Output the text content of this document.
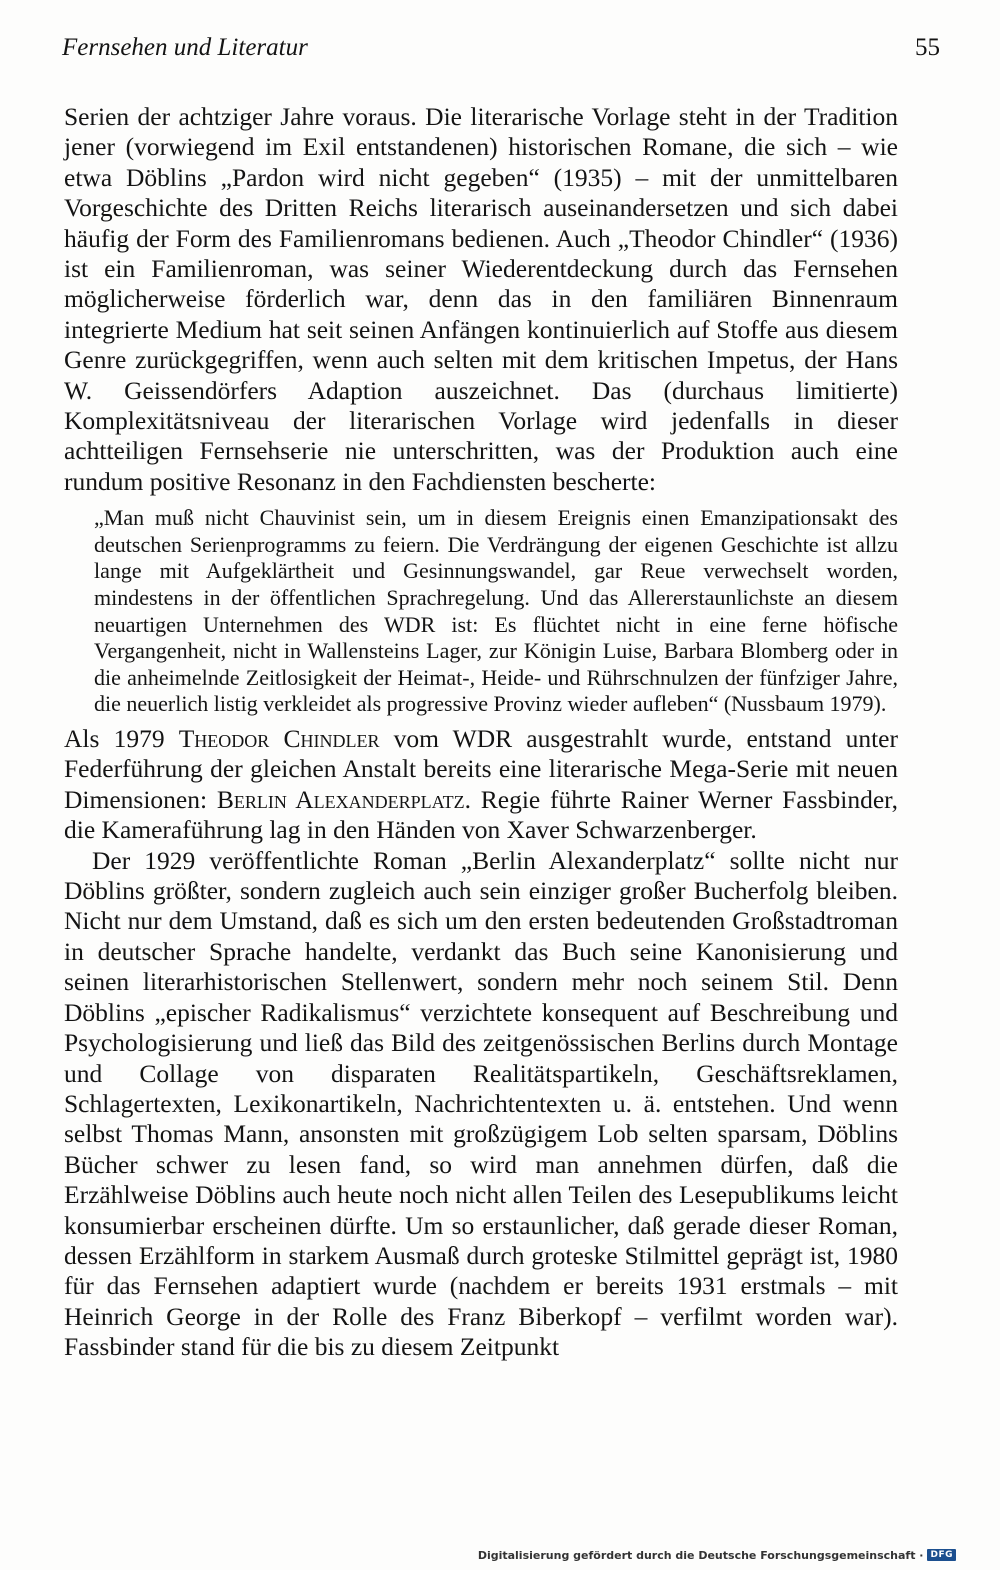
Fernsehen und Literatur	55

Serien der achtziger Jahre voraus. Die literarische Vorlage steht in der Tradition jener (vorwiegend im Exil entstandenen) historischen Romane, die sich – wie etwa Döblins „Pardon wird nicht gegeben“ (1935) – mit der unmittelbaren Vorgeschichte des Dritten Reichs literarisch auseinandersetzen und sich dabei häufig der Form des Familienromans bedienen. Auch „Theodor Chindler“ (1936) ist ein Familienroman, was seiner Wiederentdeckung durch das Fernsehen möglicherweise förderlich war, denn das in den familiären Binnenraum integrierte Medium hat seit seinen Anfängen kontinuierlich auf Stoffe aus diesem Genre zurückgegriffen, wenn auch selten mit dem kritischen Impetus, der Hans W. Geissendörfers Adaption auszeichnet. Das (durchaus limitierte) Komplexitätsniveau der literarischen Vorlage wird jedenfalls in dieser achtteiligen Fernsehserie nie unterschritten, was der Produktion auch eine rundum positive Resonanz in den Fachdiensten bescherte:

„Man muß nicht Chauvinist sein, um in diesem Ereignis einen Emanzipationsakt des deutschen Serienprogramms zu feiern. Die Verdrängung der eigenen Geschichte ist allzu lange mit Aufgeklärtheit und Gesinnungswandel, gar Reue verwechselt worden, mindestens in der öffentlichen Sprachregelung. Und das Allererstaunlichste an diesem neuartigen Unternehmen des WDR ist: Es flüchtet nicht in eine ferne höfische Vergangenheit, nicht in Wallensteins Lager, zur Königin Luise, Barbara Blomberg oder in die anheimelnde Zeitlosigkeit der Heimat-, Heide- und Rührschnulzen der fünfziger Jahre, die neuerlich listig verkleidet als progressive Provinz wieder aufleben“ (Nussbaum 1979).

Als 1979 Theodor Chindler vom WDR ausgestrahlt wurde, entstand unter Federführung der gleichen Anstalt bereits eine literarische Mega-Serie mit neuen Dimensionen: Berlin Alexanderplatz. Regie führte Rainer Werner Fassbinder, die Kameraführung lag in den Händen von Xaver Schwarzenberger.

Der 1929 veröffentlichte Roman „Berlin Alexanderplatz“ sollte nicht nur Döblins größter, sondern zugleich auch sein einziger großer Bucherfolg bleiben. Nicht nur dem Umstand, daß es sich um den ersten bedeutenden Großstadtroman in deutscher Sprache handelte, verdankt das Buch seine Kanonisierung und seinen literarhistorischen Stellenwert, sondern mehr noch seinem Stil. Denn Döblins „epischer Radikalismus“ verzichtete konsequent auf Beschreibung und Psychologisierung und ließ das Bild des zeitgenössischen Berlins durch Montage und Collage von disparaten Realitätspartikeln, Geschäftsreklamen, Schlagertexten, Lexikonartikeln, Nachrichtentexten u. ä. entstehen. Und wenn selbst Thomas Mann, ansonsten mit großzügigem Lob selten sparsam, Döblins Bücher schwer zu lesen fand, so wird man annehmen dürfen, daß die Erzählweise Döblins auch heute noch nicht allen Teilen des Lesepublikums leicht konsumierbar erscheinen dürfte. Um so erstaunlicher, daß gerade dieser Roman, dessen Erzählform in starkem Ausmaß durch groteske Stilmittel geprägt ist, 1980 für das Fernsehen adaptiert wurde (nachdem er bereits 1931 erstmals – mit Heinrich George in der Rolle des Franz Biberkopf – verfilmt worden war). Fassbinder stand für die bis zu diesem Zeitpunkt

Digitalisierung gefördert durch die Deutsche Forschungsgemeinschaft · DFG
